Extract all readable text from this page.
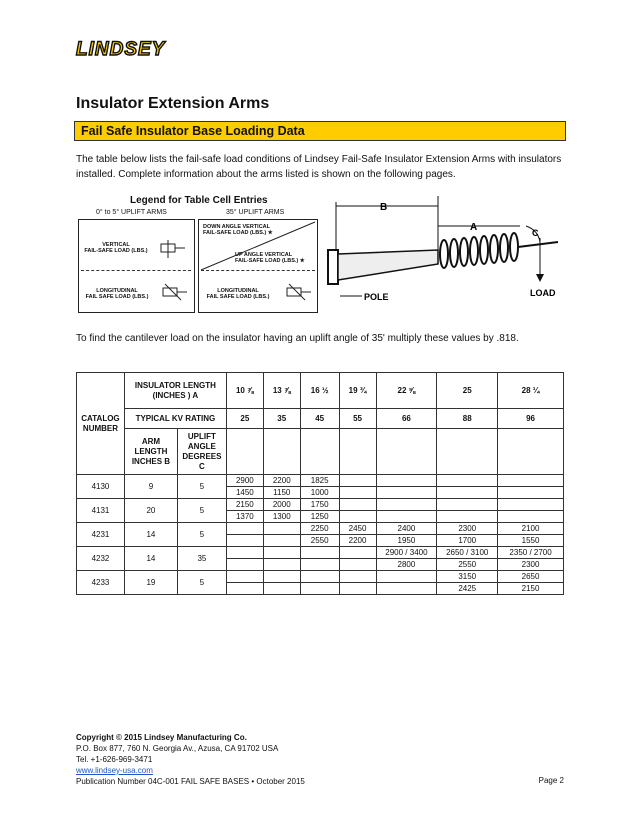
LINDSEY
Insulator Extension Arms
Fail Safe Insulator Base Loading Data
The table below lists the fail-safe load conditions of Lindsey Fail-Safe Insulator Extension Arms with insulators installed. Complete information about the arms listed is shown on the following pages.
Legend for Table Cell Entries
0° to 5° UPLIFT ARMS	35° UPLIFT ARMS
VERTICAL
FAIL-SAFE LOAD (LBS.)
LONGITUDINAL
FAIL SAFE LOAD (LBS.)
DOWN ANGLE VERTICAL
FAIL-SAFE LOAD (LBS.) ★
UP ANGLE VERTICAL
FAIL-SAFE LOAD (LBS.) ★
LONGITUDINAL
FAIL SAFE LOAD (LBS.)
B
A	C
LOAD
POLE
To find the cantilever load on the insulator having an uplift angle of 35' multiply these values by .818.
CATALOG NUMBER	INSULATOR LENGTH (INCHES ) A		10 ⅞	13 ⅞	16 ½	19 ¾	22 ⅝	25	28 ¼
	TYPICAL KV RATING		25	35	45	55	66	88	96
	ARM LENGTH INCHES B	UPLIFT ANGLE DEGREES C							
4130	9	5	2900	2200	1825				
			1450	1150	1000				
4131	20	5	2150	2000	1750				
			1370	1300	1250				
4231	14	5			2250	2450	2400	2300	2100
					2550	2200	1950	1700	1550
4232	14	35					2900 / 3400	2650 / 3100	2350 / 2700
							2800	2550	2300
4233	19	5						3150	2650
								2425	2150
Copyright © 2015 Lindsey Manufacturing Co.
P.O. Box 877, 760 N. Georgia Av., Azusa, CA 91702 USA
Tel. +1-626-969-3471
www.lindsey-usa.com
Publication Number 04C-001 FAIL SAFE BASES • October 2015	Page 2
